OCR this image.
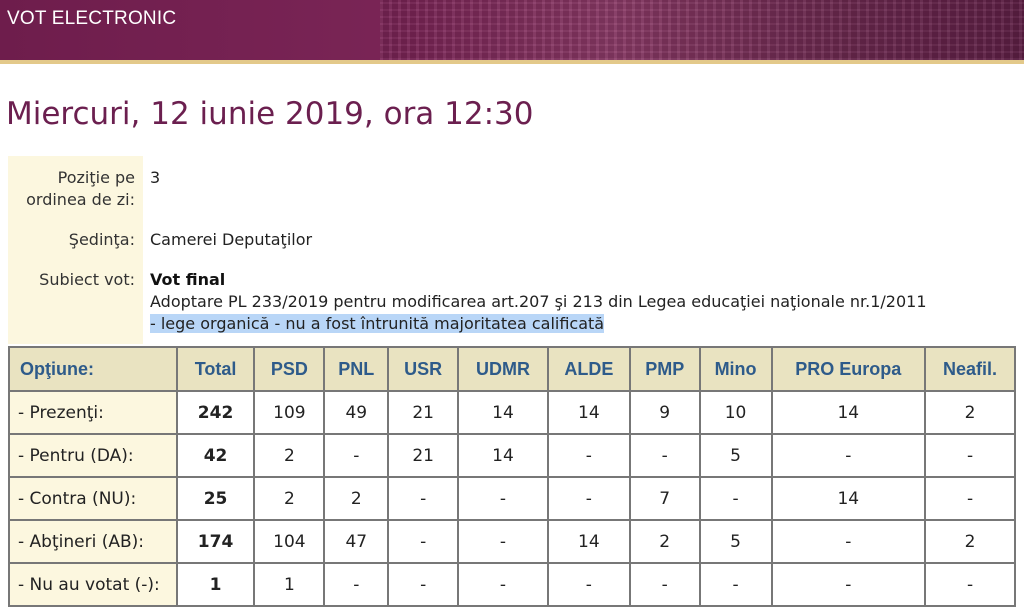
VOT ELECTRONIC
Miercuri, 12 iunie 2019, ora 12:30
Poziţie pe
ordinea de zi:
3
Şedinţa: Camerei Deputaţilor
Subiect vot: Vot final
Adoptare PL 233/2019 pentru modificarea art.207 şi 213 din Legea educaţiei naţionale nr.1/2011
- lege organică - nu a fost întrunită majoritatea calificată
Opţiune:	Total	PSD	PNL	USR	UDMR	ALDE	PMP	Mino	PRO Europa	Neafil.
- Prezenţi:	242	109	49	21	14	14	9	10	14	2
- Pentru (DA):	42	2	-	21	14	-	-	5	-	-
- Contra (NU):	25	2	2	-	-	-	7	-	14	-
- Abţineri (AB):	174	104	47	-	-	14	2	5	-	2
- Nu au votat (-):	1	1	-	-	-	-	-	-	-	-
